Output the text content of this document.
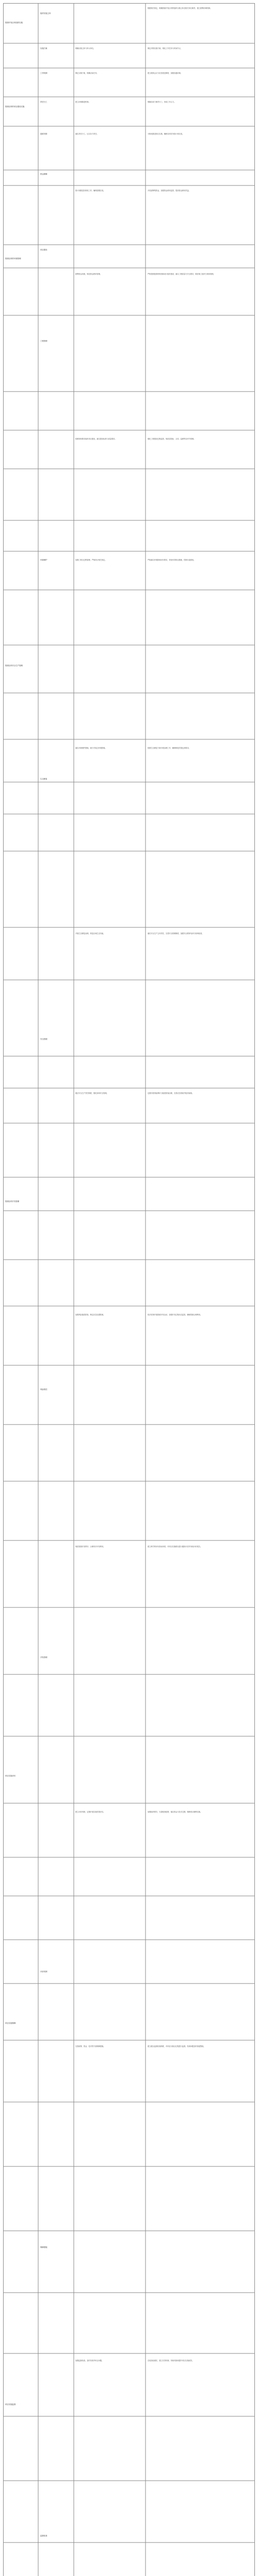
资源开发区块组织实施
资源区块的项目建设实施
资源区块的环境管理
资源区块安全生产管理
资源区块开发管理
项目实施评价
项目实施保障
项目实施监督
组织实施主体
实施方案
工作机制
责任分工
进度安排
资金保障
项目建设
工程管理
环境保护
生态修复
安全管理
风险防控
开发管理
评价机制
保障措施
监督检查
明确实施主体与牵头单位。
制定实施方案，明确目标任务。
建立协调推进机制。
落实责任分工，压实各方责任。
按计划推进各阶段工作，确保按期完成。
统筹资金来源，规范资金使用管理。
按照规划要求组织项目建设，落实建设标准与质量要求。
加强工程全过程管理，严格执行相关规定。
落实环境保护措施，减少对周边环境影响。
开展生态修复治理，恢复区域生态功能。
健全安全生产责任制度，强化现场安全管理。
加强风险隐患排查，制定应急处置预案。
规范资源开发秩序，合理有序开发利用。
建立评价机制，定期开展实施效果评估。
完善政策、资金、技术等方面保障措施。
加强监督检查，及时发现并纠正问题。
根据相关规定，明确资源开发区块的组织实施主体及相关单位职责，建立统筹协调机制。
制定详细实施方案，细化工作任务与时间节点。
建立联席会议与信息报送制度，加强沟通协调。
明确各部门职责分工，形成工作合力。
分阶段推进项目实施，确保各项任务按计划完成。
多渠道筹集资金，加强资金使用监管，提高资金使用效益。
严格按照批准的规划和设计组织建设，落实工程质量与安全要求，做好施工组织与现场管理。
强化工程建设过程监管，规范招投标、合同、监理等各环节管理。
严格落实环境影响评价要求，采取有效防治措施，控制污染排放。
按照生态修复方案开展治理工作，确保修复效果达到要求。
落实安全生产主体责任，完善安全管理制度，加强安全教育培训与现场检查。
定期开展风险辨识与隐患排查治理，完善应急预案并组织演练。
依法依规开展资源开发活动，加强开发过程动态监管，确保资源合理利用。
建立科学的评价指标体系，对项目实施情况进行跟踪评估并形成评价报告。
加强组织领导，完善配套政策，落实资金与技术支撑，保障项目顺利实施。
建立健全监督检查制度，对项目实施全过程进行监督，发现问题及时督促整改。
总结经验做法，建立长效机制，持续巩固和提升项目实施成效。
